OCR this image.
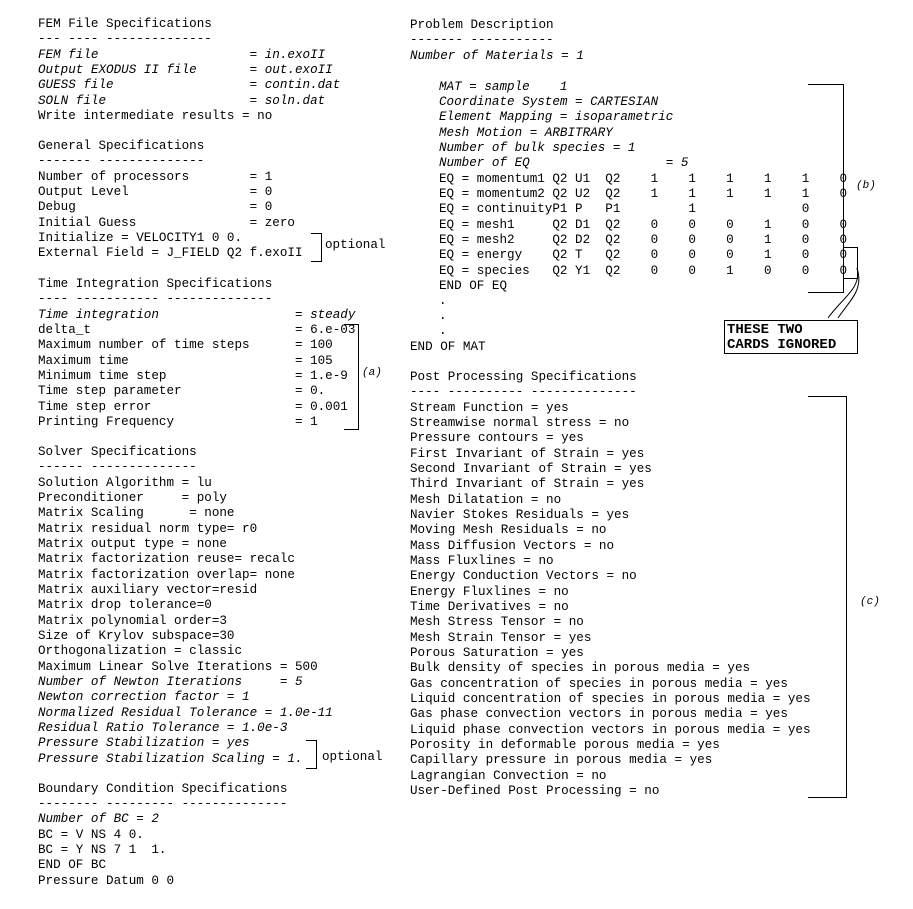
FEM File Specifications
--- ---- --------------
FEM file                    = in.exoII
Output EXODUS II file       = out.exoII
GUESS file                  = contin.dat
SOLN file                   = soln.dat
Write intermediate results = no
General Specifications
------- --------------
Number of processors        = 1
Output Level                = 0
Debug                       = 0
Initial Guess               = zero
Initialize = VELOCITY1 0 0.
External Field = J_FIELD Q2 f.exoII
optional
Time Integration Specifications
---- ----------- --------------
Time integration                  = steady
delta_t                           = 6.e-03
Maximum number of time steps      = 100
Maximum time                      = 105
Minimum time step                 = 1.e-9
Time step parameter               = 0.
Time step error                   = 0.001
Printing Frequency                = 1
(a)
Solver Specifications
------ --------------
Solution Algorithm = lu
Preconditioner     = poly
Matrix Scaling      = none
Matrix residual norm type= r0
Matrix output type = none
Matrix factorization reuse= recalc
Matrix factorization overlap= none
Matrix auxiliary vector=resid
Matrix drop tolerance=0
Matrix polynomial order=3
Size of Krylov subspace=30
Orthogonalization = classic
Maximum Linear Solve Iterations = 500
Number of Newton Iterations     = 5
Newton correction factor = 1
Normalized Residual Tolerance = 1.0e-11
Residual Ratio Tolerance = 1.0e-3
Pressure Stabilization = yes
Pressure Stabilization Scaling = 1. optional
Boundary Condition Specifications
-------- --------- --------------
Number of BC = 2
BC = V NS 4 0.
BC = Y NS 7 1  1.
END OF BC
Pressure Datum 0 0
Problem Description
------- -----------
Number of Materials = 1
MAT = sample    1
Coordinate System = CARTESIAN
Element Mapping = isoparametric
Mesh Motion = ARBITRARY
Number of bulk species = 1
Number of EQ                  = 5
EQ = momentum1 Q2 U1  Q2    1    1    1    1    1    0
EQ = momentum2 Q2 U2  Q2    1    1    1    1    1    0
EQ = continuityP1 P   P1         1              0
EQ = mesh1     Q2 D1  Q2    0    0    0    1    0    0
EQ = mesh2     Q2 D2  Q2    0    0    0    1    0    0
EQ = energy    Q2 T   Q2    0    0    0    1    0    0
EQ = species   Q2 Y1  Q2    0    0    1    0    0    0
END OF EQ
.
.
.
END OF MAT
(b)
THESE TWO
CARDS IGNORED
Post Processing Specifications
---- ---------- --------------
Stream Function = yes
Streamwise normal stress = no
Pressure contours = yes
First Invariant of Strain = yes
Second Invariant of Strain = yes
Third Invariant of Strain = yes
Mesh Dilatation = no
Navier Stokes Residuals = yes
Moving Mesh Residuals = no
Mass Diffusion Vectors = no
Mass Fluxlines = no
Energy Conduction Vectors = no
Energy Fluxlines = no
Time Derivatives = no
Mesh Stress Tensor = no
Mesh Strain Tensor = yes
Porous Saturation = yes
Bulk density of species in porous media = yes
Gas concentration of species in porous media = yes
Liquid concentration of species in porous media = yes
Gas phase convection vectors in porous media = yes
Liquid phase convection vectors in porous media = yes
Porosity in deformable porous media = yes
Capillary pressure in porous media = yes
Lagrangian Convection = no
User-Defined Post Processing = no
(c)
